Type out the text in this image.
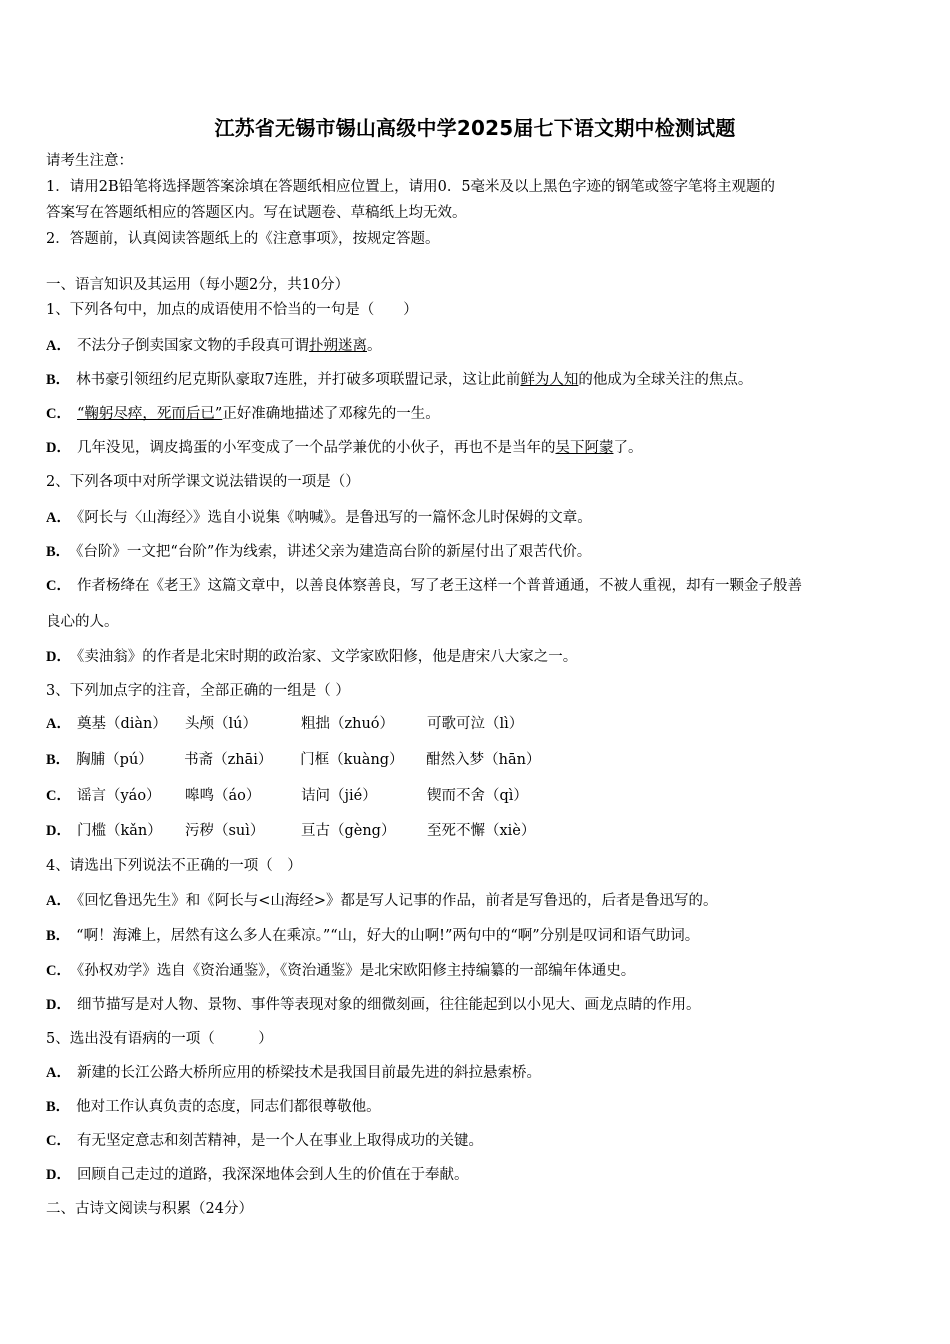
江苏省无锡市锡山高级中学2025届七下语文期中检测试题
请考生注意：
1．请用2B铅笔将选择题答案涂填在答题纸相应位置上，请用0．5毫米及以上黑色字迹的钢笔或签字笔将主观题的
答案写在答题纸相应的答题区内。写在试题卷、草稿纸上均无效。
2．答题前，认真阅读答题纸上的《注意事项》，按规定答题。
一、语言知识及其运用（每小题2分，共10分）
1、下列各句中，加点的成语使用不恰当的一句是（　　）
A． 不法分子倒卖国家文物的手段真可谓扑朔迷离。
B． 林书豪引领纽约尼克斯队豪取7连胜，并打破多项联盟记录，这让此前鲜为人知的他成为全球关注的焦点。
C． “鞠躬尽瘁，死而后已”正好准确地描述了邓稼先的一生。
D． 几年没见，调皮捣蛋的小军变成了一个品学兼优的小伙子，再也不是当年的吴下阿蒙了。
2、下列各项中对所学课文说法错误的一项是（）
A． 《阿长与〈山海经〉》选自小说集《呐喊》。是鲁迅写的一篇怀念儿时保姆的文章。
B． 《台阶》一文把“台阶”作为线索，讲述父亲为建造高台阶的新屋付出了艰苦代价。
C． 作者杨绛在《老王》这篇文章中，以善良体察善良，写了老王这样一个普普通通，不被人重视，却有一颗金子般善
良心的人。
D． 《卖油翁》的作者是北宋时期的政治家、文学家欧阳修，他是唐宋八大家之一。
3、下列加点字的注音，全部正确的一组是（ ）
A． 奠基（diàn） 头颅（lú）	粗拙（zhuó） 可歌可泣（lì）
B． 胸脯（pú） 书斋（zhāi） 门框（kuàng） 酣然入梦（hān）
C． 谣言（yáo） 嗥鸣（áo）	诘问（jié）	锲而不舍（qì）
D． 门槛（kǎn） 污秽（suì）	亘古（gèng） 至死不懈（xiè）
4、请选出下列说法不正确的一项（　）
A． 《回忆鲁迅先生》和《阿长与<山海经>》都是写人记事的作品，前者是写鲁迅的，后者是鲁迅写的。
B． “啊！海滩上，居然有这么多人在乘凉。”“山，好大的山啊!”两句中的“啊”分别是叹词和语气助词。
C． 《孙权劝学》选自《资治通鉴》，《资治通鉴》是北宋欧阳修主持编纂的一部编年体通史。
D． 细节描写是对人物、景物、事件等表现对象的细微刻画，往往能起到以小见大、画龙点睛的作用。
5、选出没有语病的一项（　　　）
A． 新建的长江公路大桥所应用的桥梁技术是我国目前最先进的斜拉悬索桥。
B． 他对工作认真负责的态度，同志们都很尊敬他。
C． 有无坚定意志和刻苦精神，是一个人在事业上取得成功的关键。
D． 回顾自己走过的道路，我深深地体会到人生的价值在于奉献。
二、古诗文阅读与积累（24分）
